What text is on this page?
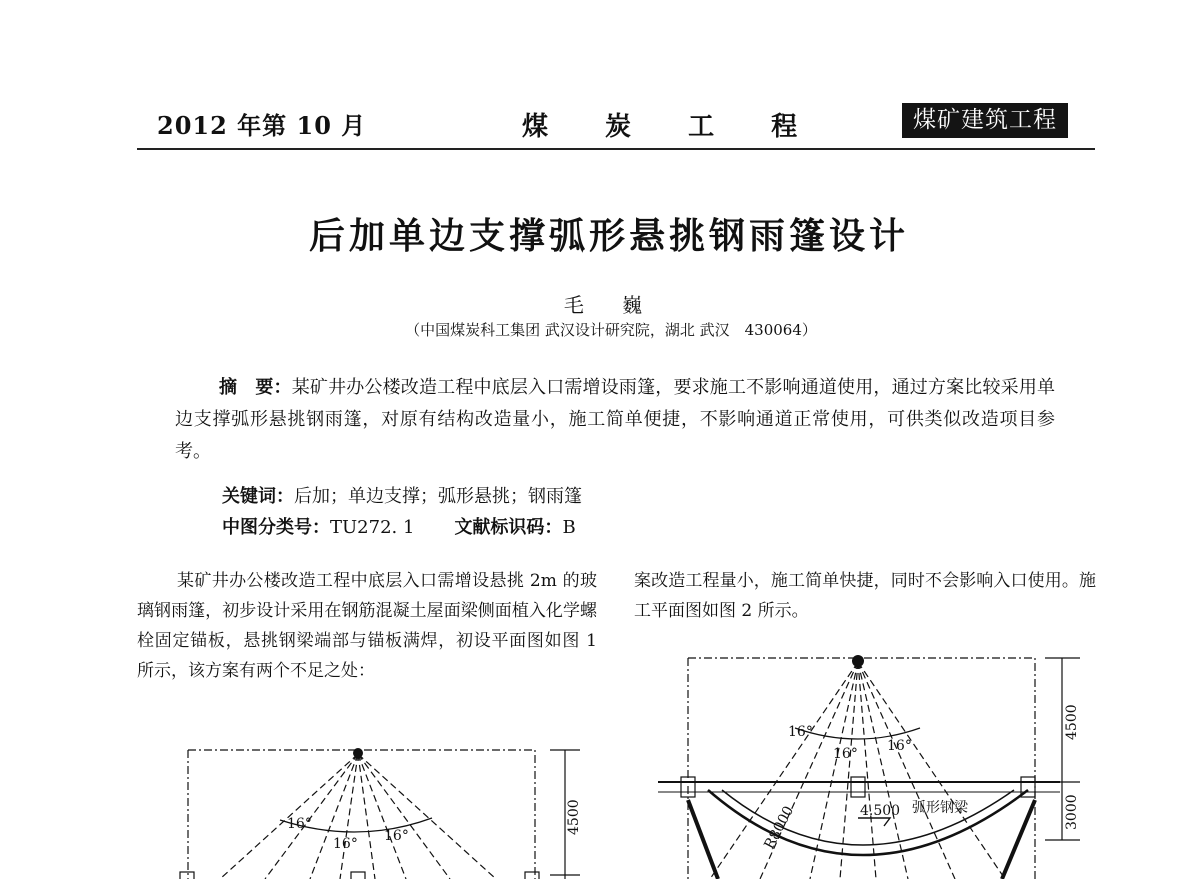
2012 年第 10 月	煤 炭 工 程	煤矿建筑工程
后加单边支撑弧形悬挑钢雨篷设计
毛 巍
（中国煤炭科工集团 武汉设计研究院，湖北 武汉　430064）
摘　要：某矿井办公楼改造工程中底层入口需增设雨篷，要求施工不影响通道使用，通过方案比较采用单边支撑弧形悬挑钢雨篷，对原有结构改造量小，施工简单便捷，不影响通道正常使用，可供类似改造项目参考。
关键词：后加；单边支撑；弧形悬挑；钢雨篷
中图分类号：TU272. 1 文献标识码：B
某矿井办公楼改造工程中底层入口需增设悬挑 2m 的玻璃钢雨篷，初步设计采用在钢筋混凝土屋面梁侧面植入化学螺栓固定锚板，悬挑钢梁端部与锚板满焊，初设平面图如图 1 所示，该方案有两个不足之处：
案改造工程量小，施工简单快捷，同时不会影响入口使用。施工平面图如图 2 所示。
16°
16° 16°
4500
16°
16° 16°
4500
3000
R8000	4.500 弧形钢梁
